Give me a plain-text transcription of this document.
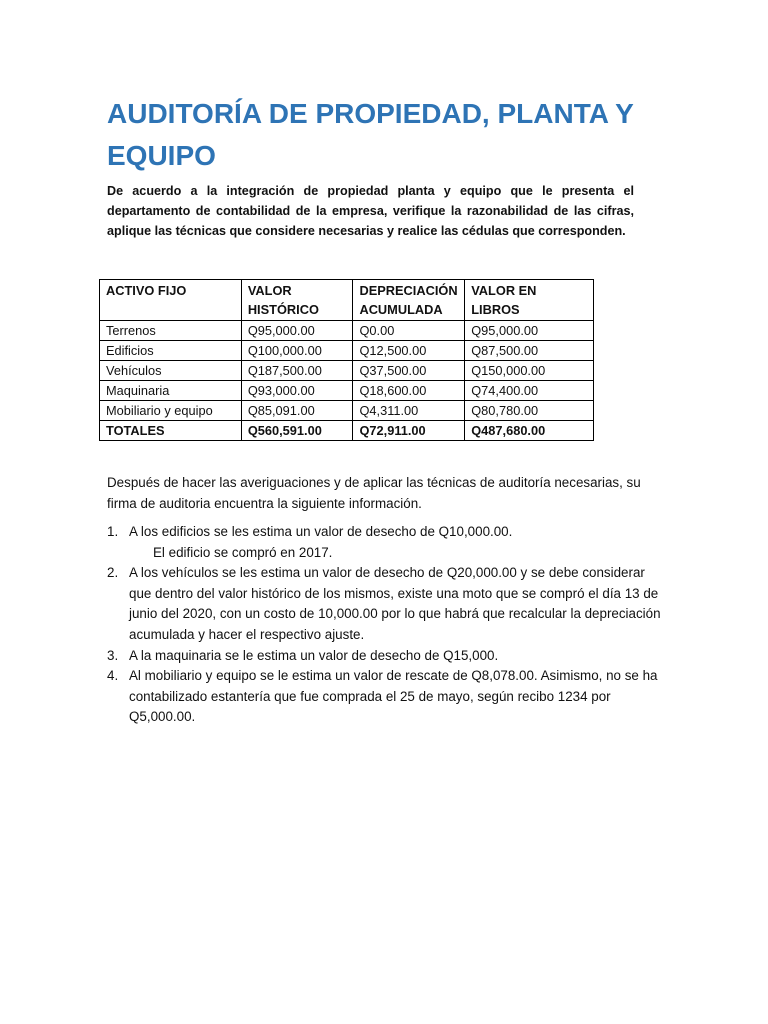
AUDITORÍA DE PROPIEDAD, PLANTA Y EQUIPO

De acuerdo a la integración de propiedad planta y equipo que le presenta el departamento de contabilidad de la empresa, verifique la razonabilidad de las cifras, aplique las técnicas que considere necesarias y realice las cédulas que corresponden.

ACTIVO FIJO	VALOR HISTÓRICO	DEPRECIACIÓN ACUMULADA	VALOR EN LIBROS
Terrenos	Q95,000.00	Q0.00	Q95,000.00
Edificios	Q100,000.00	Q12,500.00	Q87,500.00
Vehículos	Q187,500.00	Q37,500.00	Q150,000.00
Maquinaria	Q93,000.00	Q18,600.00	Q74,400.00
Mobiliario y equipo	Q85,091.00	Q4,311.00	Q80,780.00
TOTALES	Q560,591.00	Q72,911.00	Q487,680.00

Después de hacer las averiguaciones y de aplicar las técnicas de auditoría necesarias, su firma de auditoria encuentra la siguiente información.

1. A los edificios se les estima un valor de desecho de Q10,000.00.
El edificio se compró en 2017.
2. A los vehículos se les estima un valor de desecho de Q20,000.00 y se debe considerar que dentro del valor histórico de los mismos, existe una moto que se compró el día 13 de junio del 2020, con un costo de 10,000.00 por lo que habrá que recalcular la depreciación acumulada y hacer el respectivo ajuste.
3. A la maquinaria se le estima un valor de desecho de Q15,000.
4. Al mobiliario y equipo se le estima un valor de rescate de Q8,078.00. Asimismo, no se ha contabilizado estantería que fue comprada el 25 de mayo, según recibo 1234 por Q5,000.00.
